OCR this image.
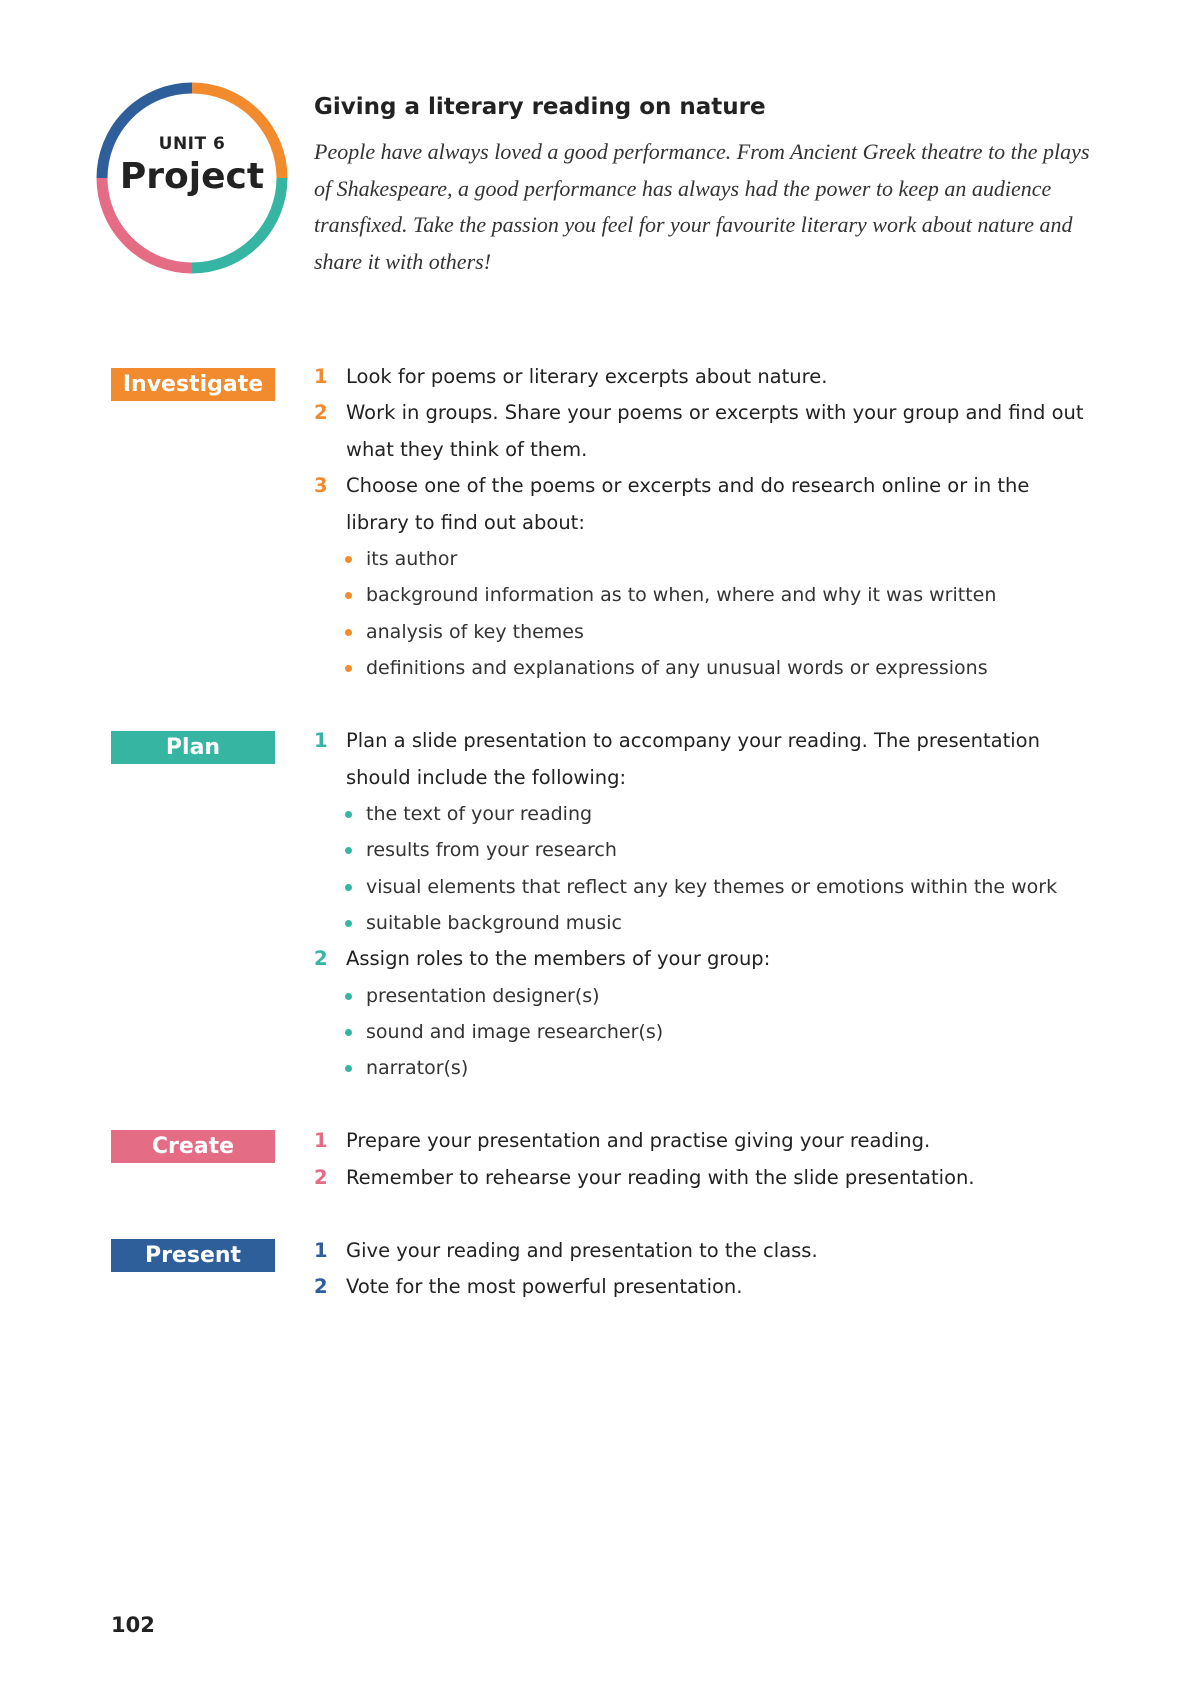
UNIT 6
Project
Giving a literary reading on nature
People have always loved a good performance. From Ancient Greek theatre to the plays of Shakespeare, a good performance has always had the power to keep an audience transfixed. Take the passion you feel for your favourite literary work about nature and share it with others!
Investigate	1 Look for poems or literary excerpts about nature.
2 Work in groups. Share your poems or excerpts with your group and find out what they think of them.
3 Choose one of the poems or excerpts and do research online or in the library to find out about:
its author
background information as to when, where and why it was written
analysis of key themes
definitions and explanations of any unusual words or expressions
Plan	1 Plan a slide presentation to accompany your reading. The presentation should include the following:
the text of your reading
results from your research
visual elements that reflect any key themes or emotions within the work
suitable background music
2 Assign roles to the members of your group:
presentation designer(s)
sound and image researcher(s)
narrator(s)
Create	1 Prepare your presentation and practise giving your reading.
2 Remember to rehearse your reading with the slide presentation.
Present	1 Give your reading and presentation to the class.
2 Vote for the most powerful presentation.
102
